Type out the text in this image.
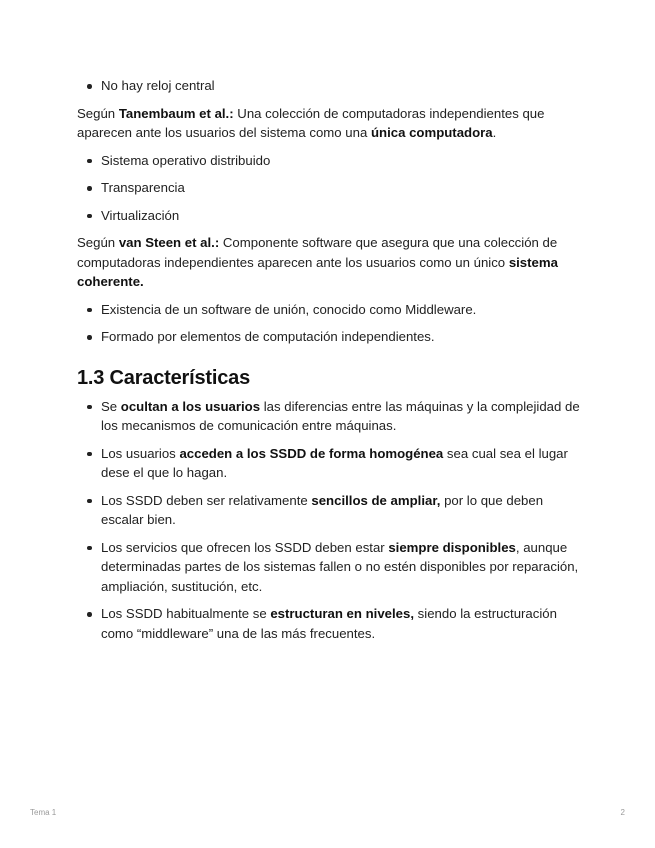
No hay reloj central

Según Tanembaum et al.: Una colección de computadoras independientes que aparecen ante los usuarios del sistema como una única computadora.

Sistema operativo distribuido
Transparencia
Virtualización

Según van Steen et al.: Componente software que asegura que una colección de computadoras independientes aparecen ante los usuarios como un único sistema coherente.

Existencia de un software de unión, conocido como Middleware.
Formado por elementos de computación independientes.
1.3 Características
Se ocultan a los usuarios las diferencias entre las máquinas y la complejidad de los mecanismos de comunicación entre máquinas.
Los usuarios acceden a los SSDD de forma homogénea sea cual sea el lugar dese el que lo hagan.
Los SSDD deben ser relativamente sencillos de ampliar, por lo que deben escalar bien.
Los servicios que ofrecen los SSDD deben estar siempre disponibles, aunque determinadas partes de los sistemas fallen o no estén disponibles por reparación, ampliación, sustitución, etc.
Los SSDD habitualmente se estructuran en niveles, siendo la estructuración como “middleware” una de las más frecuentes.
Tema 1	2
